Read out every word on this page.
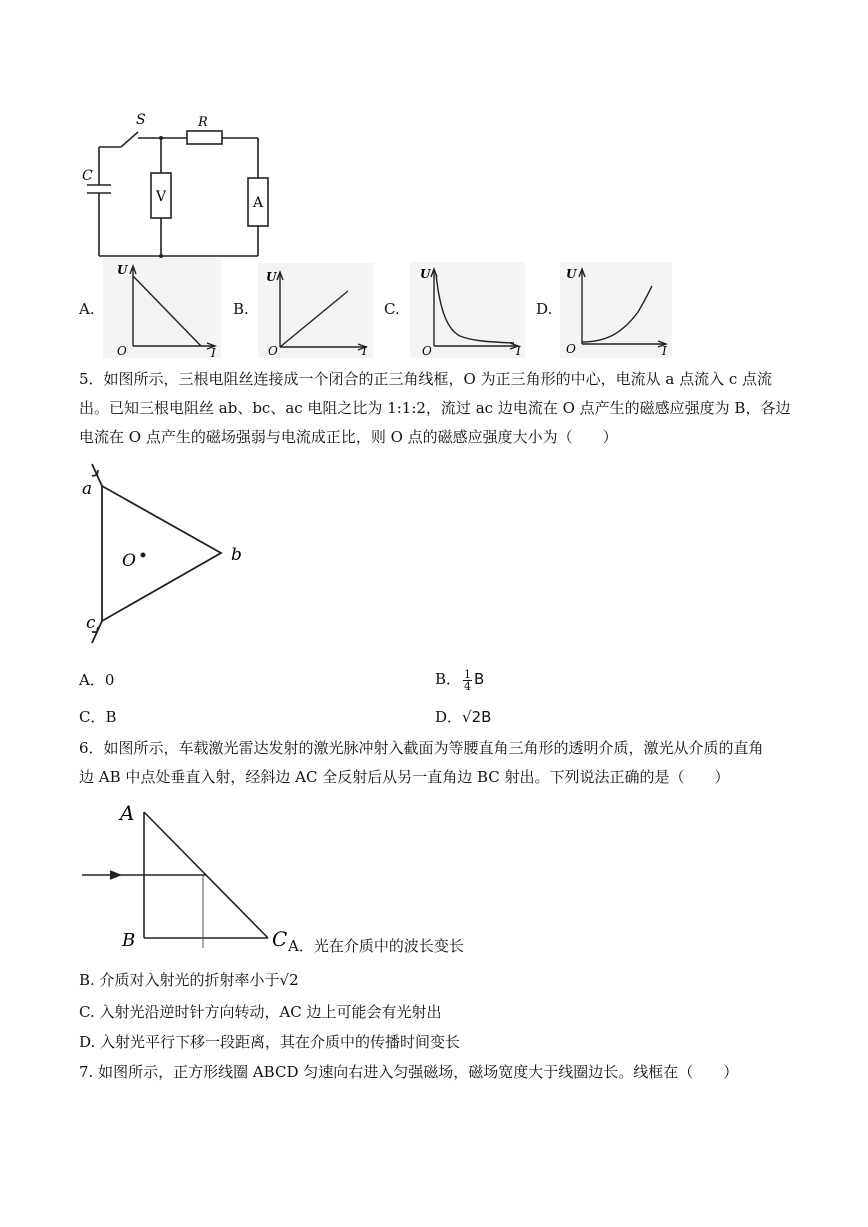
S	R
C
V	A
A.
U
I
O
B.
U
I
O
C.
U
I
O
D.
U
I
O
5．如图所示，三根电阻丝连接成一个闭合的正三角线框，O 为正三角形的中心，电流从 a 点流入 c 点流
出。已知三根电阻丝 ab、bc、ac 电阻之比为 1:1:2，流过 ac 边电流在 O 点产生的磁感应强度为 B，各边
电流在 O 点产生的磁场强弱与电流成正比，则 O 点的磁感应强度大小为（　　）
a
b
c
O
A．0	B． $\frac{1}{4}$ B
C．B	D．√2B
6．如图所示，车载激光雷达发射的激光脉冲射入截面为等腰直角三角形的透明介质，激光从介质的直角
边 AB 中点处垂直入射，经斜边 AC 全反射后从另一直角边 BC 射出。下列说法正确的是（　　）
A
B	C A．光在介质中的波长变长
B. 介质对入射光的折射率小于√2
C. 入射光沿逆时针方向转动，AC 边上可能会有光射出
D. 入射光平行下移一段距离，其在介质中的传播时间变长
7. 如图所示，正方形线圈 ABCD 匀速向右进入匀强磁场，磁场宽度大于线圈边长。线框在（　　）
